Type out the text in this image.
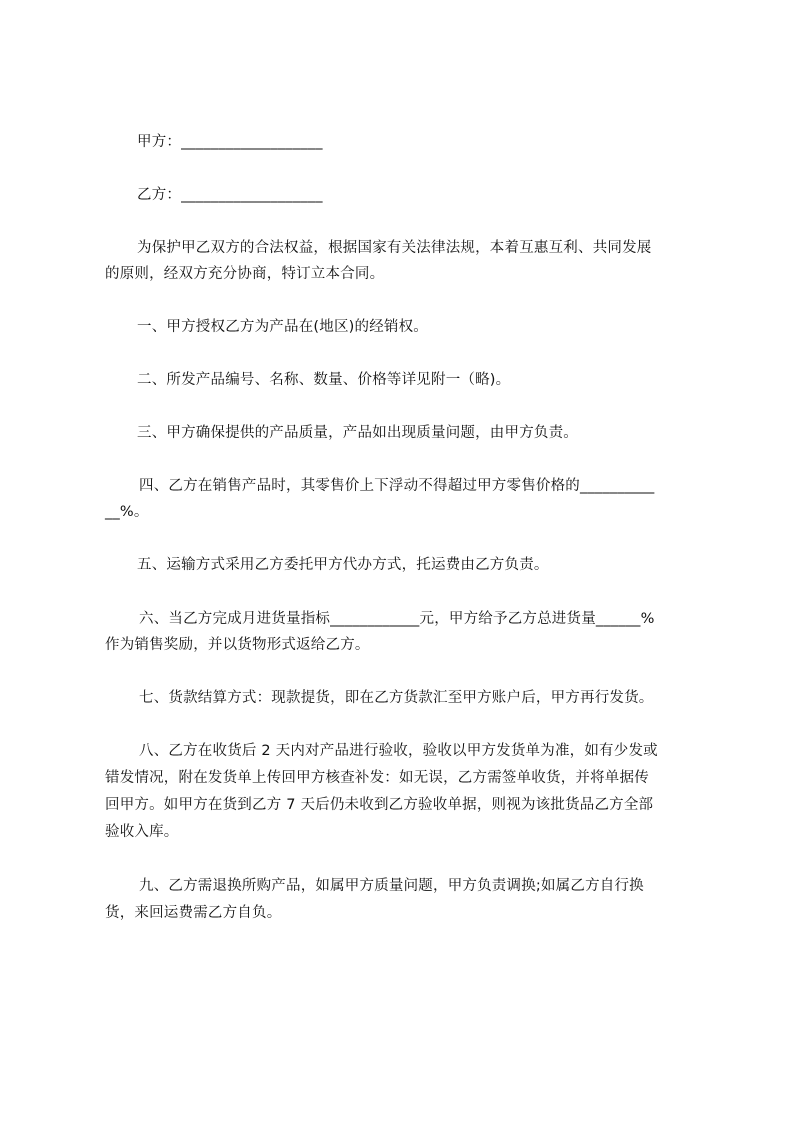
甲方：___________________
乙方：___________________
为保护甲乙双方的合法权益，根据国家有关法律法规，本着互惠互利、共同发展
的原则，经双方充分协商，特订立本合同。
一、甲方授权乙方为产品在(地区)的经销权。
二、所发产品编号、名称、数量、价格等详见附一（略)。
三、甲方确保提供的产品质量，产品如出现质量问题，由甲方负责。
四、乙方在销售产品时，其零售价上下浮动不得超过甲方零售价格的__________
__%。
五、运输方式采用乙方委托甲方代办方式，托运费由乙方负责。
六、当乙方完成月进货量指标____________元，甲方给予乙方总进货量______%
作为销售奖励，并以货物形式返给乙方。
七、货款结算方式：现款提货，即在乙方货款汇至甲方账户后，甲方再行发货。
八、乙方在收货后 2 天内对产品进行验收，验收以甲方发货单为准，如有少发或
错发情况，附在发货单上传回甲方核查补发：如无误，乙方需签单收货，并将单据传
回甲方。如甲方在货到乙方 7 天后仍未收到乙方验收单据，则视为该批货品乙方全部
验收入库。
九、乙方需退换所购产品，如属甲方质量问题，甲方负责调换;如属乙方自行换
货，来回运费需乙方自负。
